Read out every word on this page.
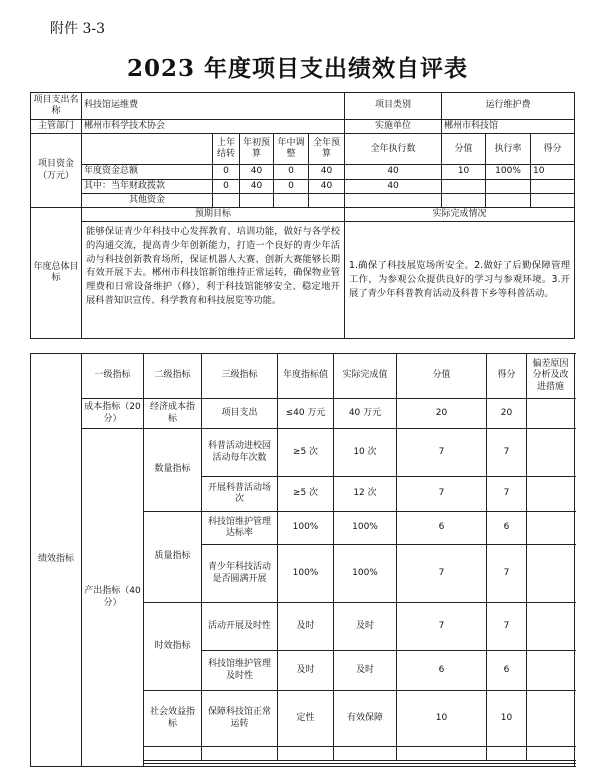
附件 3-3
2023 年度项目支出绩效自评表
项目支出名称	科技馆运维费					项目类别	运行维护费		
主管部门	郴州市科学技术协会					实施单位	郴州市科技馆		
项目资金（万元）		上年结转	年初预算	年中调整	全年预算	全年执行数	分值	执行率	得分
	年度资金总额	0	40	0	40	40	10	100%	10
	其中：当年财政拨款	0	40	0	40	40			
	其他资金								
年度总体目标	预期目标					实际完成情况			
	能够保证青少年科技中心发挥教育、培训功能，做好与各学校的沟通交流，提高青少年创新能力，打造一个良好的青少年活动与科技创新教育场所，保证机器人大赛、创新大赛能够长期有效开展下去。郴州市科技馆新馆维持正常运转，确保物业管理费和日常设备维护（修），利于科技馆能够安全、稳定地开展科普知识宣传、科学教育和科技展览等功能。					1.确保了科技展览场所安全。2.做好了后勤保障管理工作，为参观公众提供良好的学习与参观环境。3.开展了青少年科普教育活动及科普下乡等科普活动。			
绩效指标	一级指标	二级指标	三级指标	年度指标值	实际完成值	分值	得分	偏差原因分析及改进措施
	成本指标（20分）	经济成本指标	项目支出	≤40 万元	40 万元	20	20	
	产出指标（40分）	数量指标	科普活动进校园活动每年次数	≥5 次	10 次	7	7	
			开展科普活动场次	≥5 次	12 次	7	7	
		质量指标	科技馆维护管理达标率	100%	100%	6	6	
			青少年科技活动是否圆满开展	100%	100%	7	7	
		时效指标	活动开展及时性	及时	及时	7	7	
			科技馆维护管理及时性	及时	及时	6	6	
		社会效益指标	保障科技馆正常运转	定性	有效保障	10	10	
